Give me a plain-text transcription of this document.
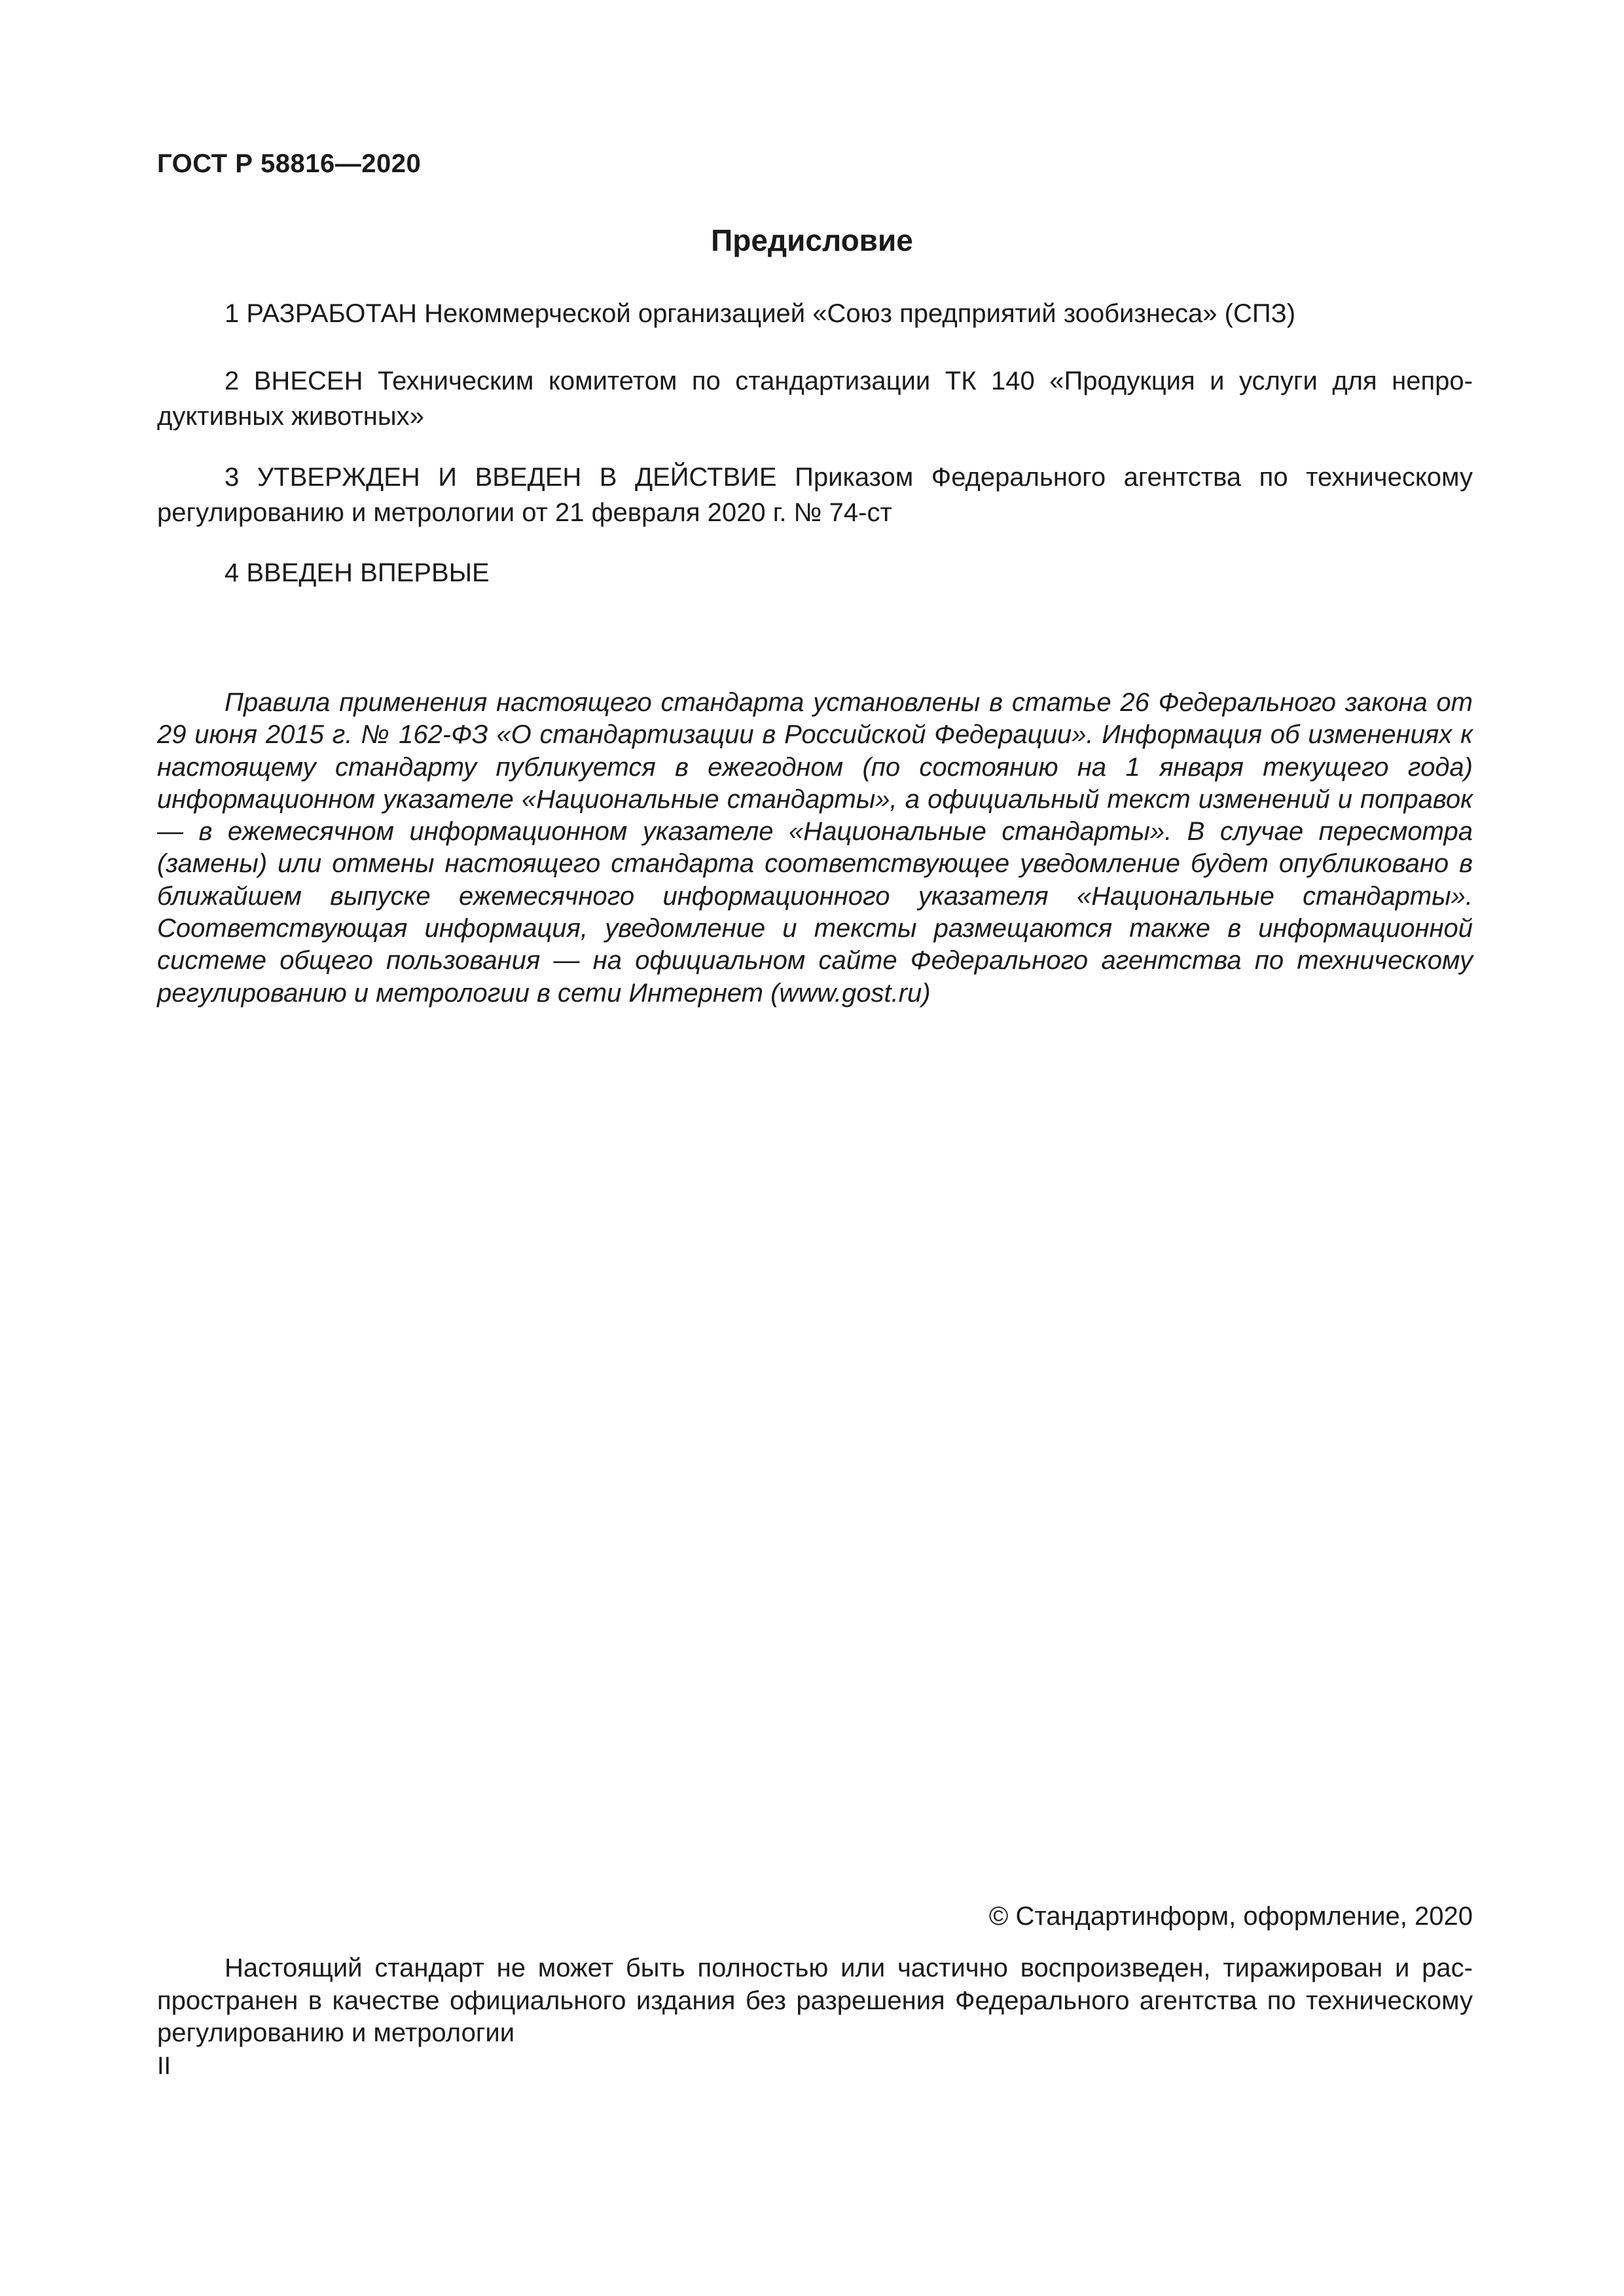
ГОСТ Р 58816—2020
Предисловие
1 РАЗРАБОТАН Некоммерческой организацией «Союз предприятий зообизнеса» (СПЗ)
2 ВНЕСЕН Техническим комитетом по стандартизации ТК 140 «Продукция и услуги для непродуктивных животных»
3 УТВЕРЖДЕН И ВВЕДЕН В ДЕЙСТВИЕ Приказом Федерального агентства по техническому регулированию и метрологии от 21 февраля 2020 г. № 74-ст
4 ВВЕДЕН ВПЕРВЫЕ
Правила применения настоящего стандарта установлены в статье 26 Федерального закона от 29 июня 2015 г. № 162-ФЗ «О стандартизации в Российской Федерации». Информация об изменениях к настоящему стандарту публикуется в ежегодном (по состоянию на 1 января текущего года) информационном указателе «Национальные стандарты», а официальный текст изменений и поправок — в ежемесячном информационном указателе «Национальные стандарты». В случае пересмотра (замены) или отмены настоящего стандарта соответствующее уведомление будет опубликовано в ближайшем выпуске ежемесячного информационного указателя «Национальные стандарты». Соответствующая информация, уведомление и тексты размещаются также в информационной системе общего пользования — на официальном сайте Федерального агентства по техническому регулированию и метрологии в сети Интернет (www.gost.ru)
© Стандартинформ, оформление, 2020
Настоящий стандарт не может быть полностью или частично воспроизведен, тиражирован и распространен в качестве официального издания без разрешения Федерального агентства по техническому регулированию и метрологии
II
